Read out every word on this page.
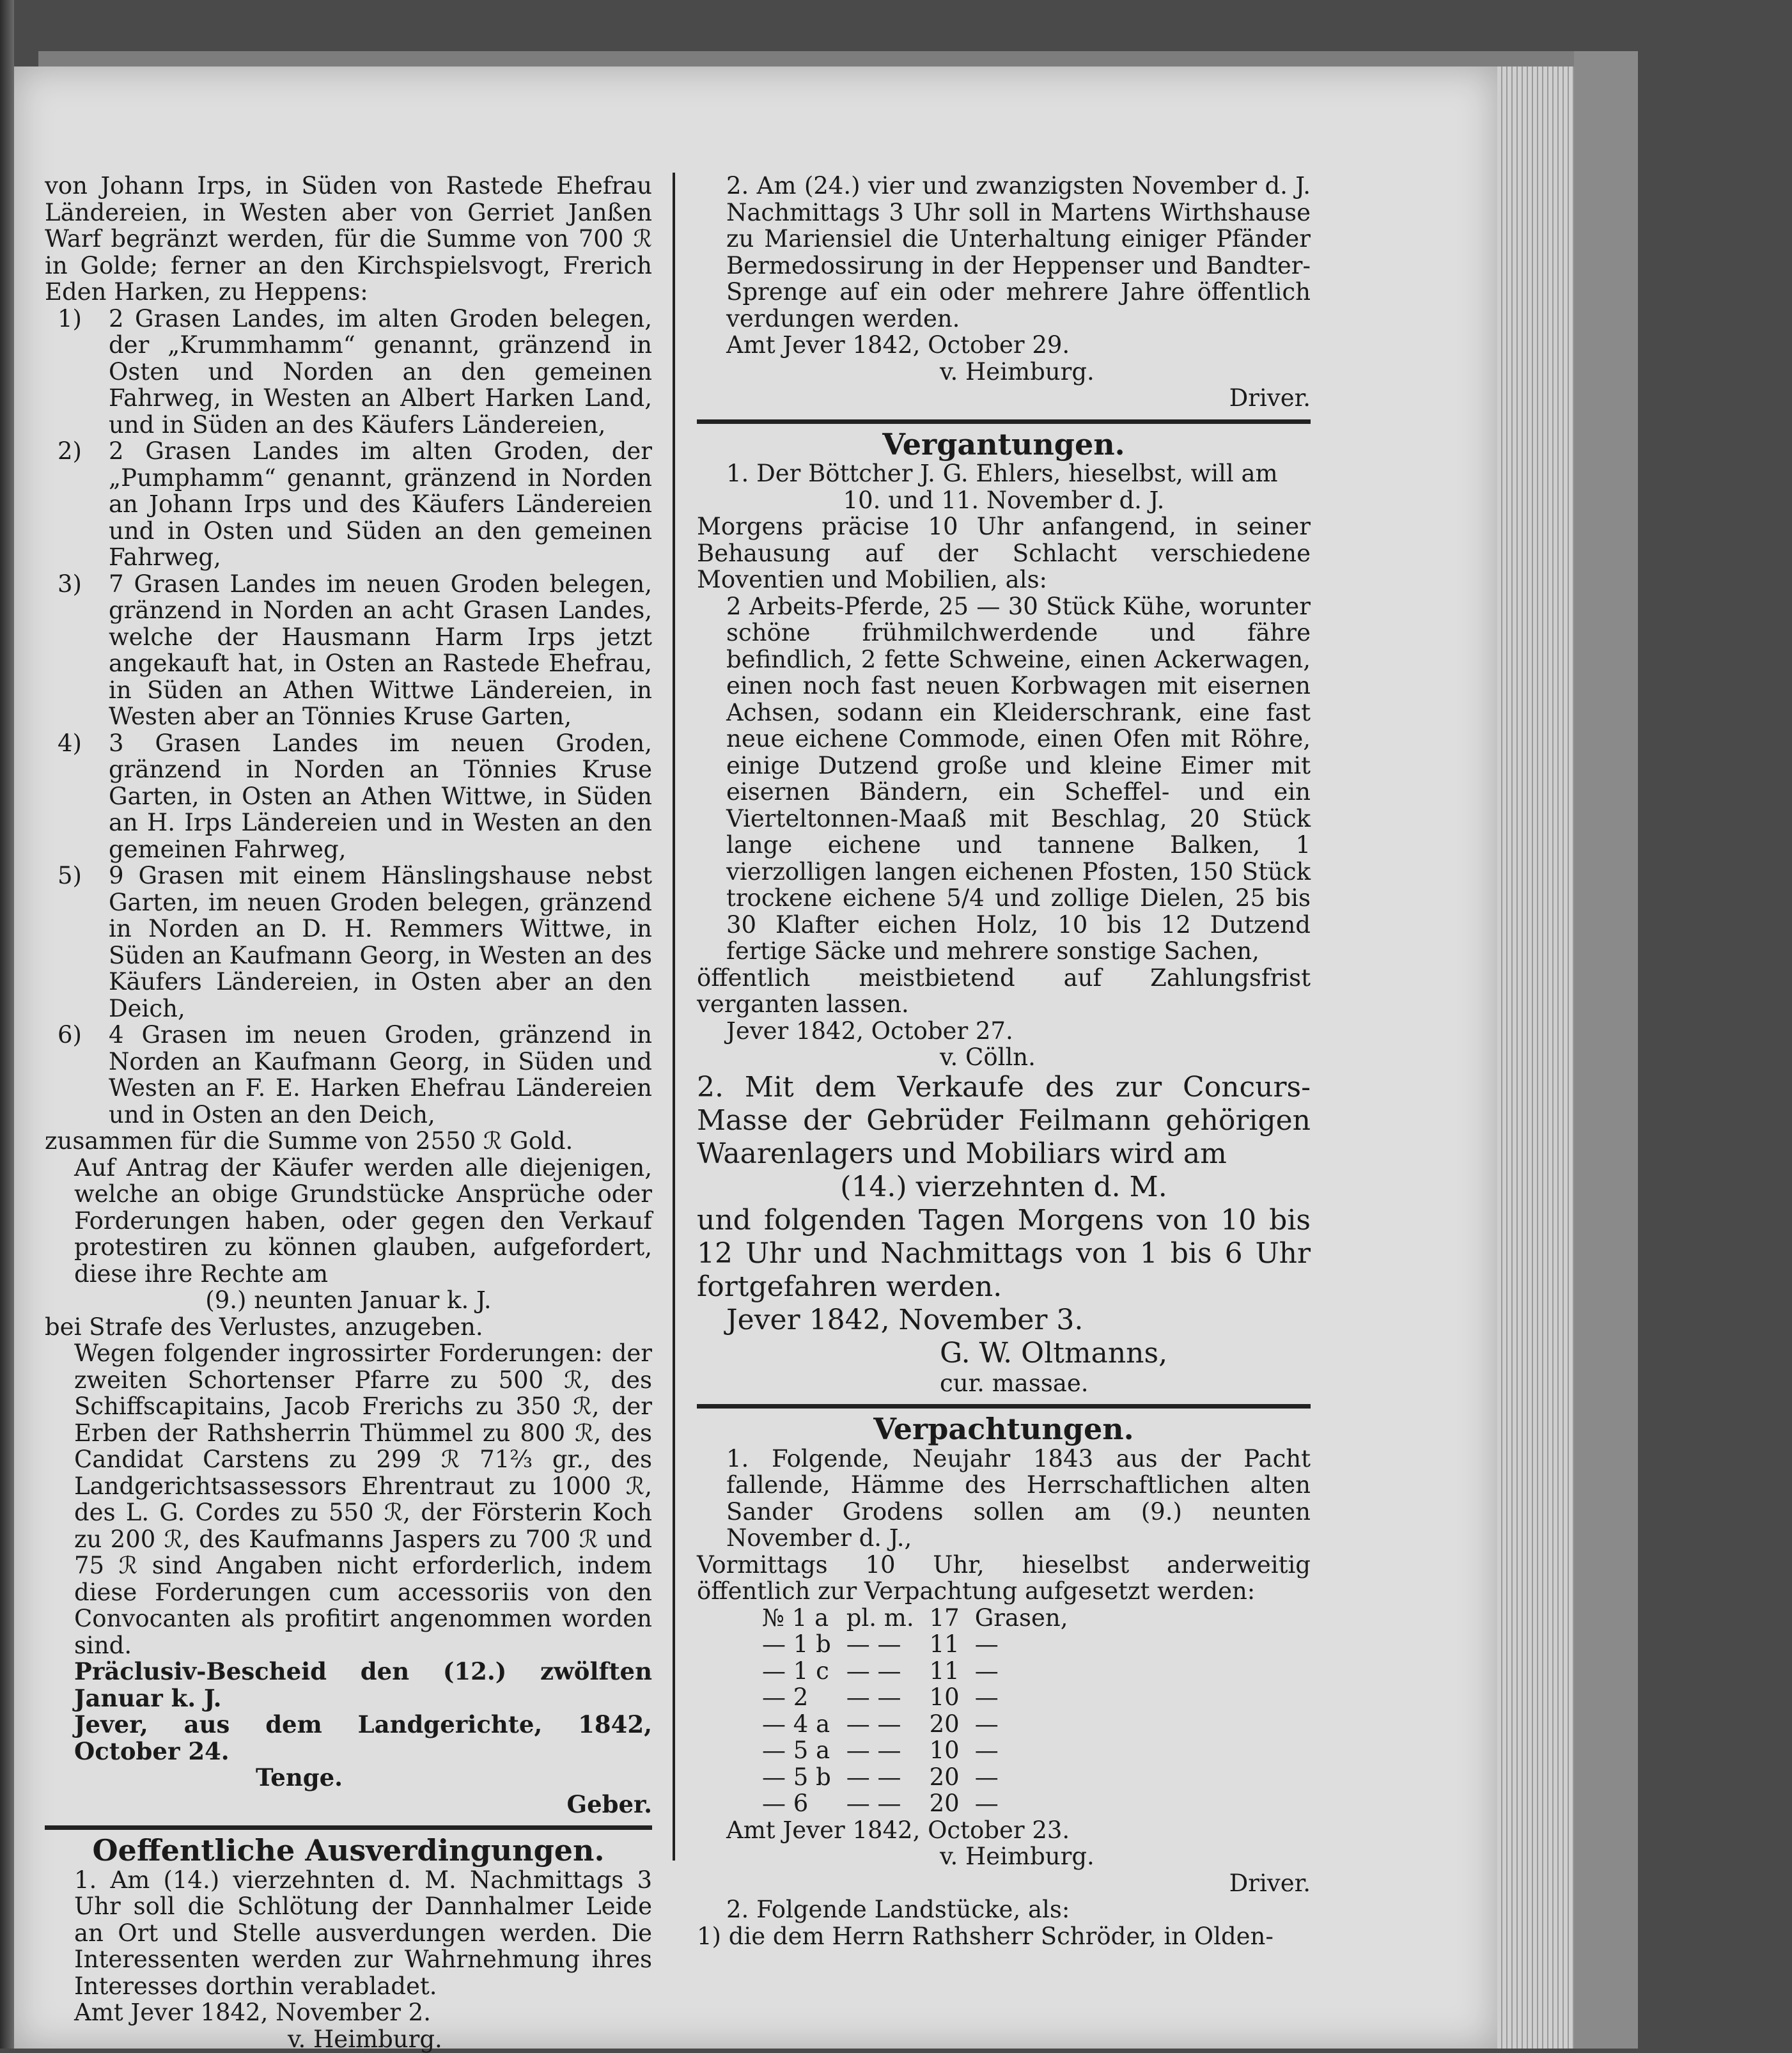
von Johann Irps, in Süden von Rastede Ehefrau Ländereien, in Westen aber von Gerriet Janßen Warf begränzt werden, für die Summe von 700 ℛ in Golde; ferner an den Kirchspielsvogt, Frerich Eden Harken, zu Heppens:

1)	2 Grasen Landes, im alten Groden belegen, der „Krummhamm“ genannt, gränzend in Osten und Norden an den gemeinen Fahrweg, in Westen an Albert Harken Land, und in Süden an des Käufers Ländereien,
2)	2 Grasen Landes im alten Groden, der „Pumphamm“ genannt, gränzend in Norden an Johann Irps und des Käufers Ländereien und in Osten und Süden an den gemeinen Fahrweg,
3)	7 Grasen Landes im neuen Groden belegen, gränzend in Norden an acht Grasen Landes, welche der Hausmann Harm Irps jetzt angekauft hat, in Osten an Rastede Ehefrau, in Süden an Athen Wittwe Ländereien, in Westen aber an Tönnies Kruse Garten,
4)	3 Grasen Landes im neuen Groden, gränzend in Norden an Tönnies Kruse Garten, in Osten an Athen Wittwe, in Süden an H. Irps Ländereien und in Westen an den gemeinen Fahrweg,
5)	9 Grasen mit einem Hänslingshause nebst Garten, im neuen Groden belegen, gränzend in Norden an D. H. Remmers Wittwe, in Süden an Kaufmann Georg, in Westen an des Käufers Ländereien, in Osten aber an den Deich,
6)	4 Grasen im neuen Groden, gränzend in Norden an Kaufmann Georg, in Süden und Westen an F. E. Harken Ehefrau Ländereien und in Osten an den Deich,

zusammen für die Summe von 2550 ℛ Gold.

Auf Antrag der Käufer werden alle diejenigen, welche an obige Grundstücke Ansprüche oder Forderungen haben, oder gegen den Verkauf protestiren zu können glauben, aufgefordert, diese ihre Rechte am

(9.) neunten Januar k. J.

bei Strafe des Verlustes, anzugeben.

Wegen folgender ingrossirter Forderungen: der zweiten Schortenser Pfarre zu 500 ℛ, des Schiffscapitains, Jacob Frerichs zu 350 ℛ, der Erben der Rathsherrin Thümmel zu 800 ℛ, des Candidat Carstens zu 299 ℛ 71⅔ gr., des Landgerichtsassessors Ehrentraut zu 1000 ℛ, des L. G. Cordes zu 550 ℛ, der Försterin Koch zu 200 ℛ, des Kaufmanns Jaspers zu 700 ℛ und 75 ℛ sind Angaben nicht erforderlich, indem diese Forderungen cum accessoriis von den Convocanten als profitirt angenommen worden sind.

Präclusiv-Bescheid den (12.) zwölften Januar k. J.

Jever, aus dem Landgerichte, 1842, October 24.

Tenge.

Geber.

Oeffentliche Ausverdingungen.

1. Am (14.) vierzehnten d. M. Nachmittags 3 Uhr soll die Schlötung der Dannhalmer Leide an Ort und Stelle ausverdungen werden. Die Interessenten werden zur Wahrnehmung ihres Interesses dorthin verabladet.

Amt Jever 1842, November 2.

v. Heimburg.

2. Am (24.) vier und zwanzigsten November d. J. Nachmittags 3 Uhr soll in Martens Wirthshause zu Mariensiel die Unterhaltung einiger Pfänder Bermedossirung in der Heppenser und Bandter-Sprenge auf ein oder mehrere Jahre öffentlich verdungen werden.

Amt Jever 1842, October 29.

v. Heimburg.

Driver.

Vergantungen.

1. Der Böttcher J. G. Ehlers, hieselbst, will am

10. und 11. November d. J.

Morgens präcise 10 Uhr anfangend, in seiner Behausung auf der Schlacht verschiedene Moventien und Mobilien, als:

2 Arbeits-Pferde, 25 — 30 Stück Kühe, worunter schöne frühmilchwerdende und fähre befindlich, 2 fette Schweine, einen Ackerwagen, einen noch fast neuen Korbwagen mit eisernen Achsen, sodann ein Kleiderschrank, eine fast neue eichene Commode, einen Ofen mit Röhre, einige Dutzend große und kleine Eimer mit eisernen Bändern, ein Scheffel- und ein Vierteltonnen-Maaß mit Beschlag, 20 Stück lange eichene und tannene Balken, 1 vierzolligen langen eichenen Pfosten, 150 Stück trockene eichene 5/4 und zollige Dielen, 25 bis 30 Klafter eichen Holz, 10 bis 12 Dutzend fertige Säcke und mehrere sonstige Sachen,

öffentlich meistbietend auf Zahlungsfrist verganten lassen.

Jever 1842, October 27.

v. Cölln.

2. Mit dem Verkaufe des zur Concurs-Masse der Gebrüder Feilmann gehörigen Waarenlagers und Mobiliars wird am

(14.) vierzehnten d. M.

und folgenden Tagen Morgens von 10 bis 12 Uhr und Nachmittags von 1 bis 6 Uhr fortgefahren werden.

Jever 1842, November 3.

G. W. Oltmanns,

cur. massae.

Verpachtungen.

1. Folgende, Neujahr 1843 aus der Pacht fallende, Hämme des Herrschaftlichen alten Sander Grodens sollen am (9.) neunten November d. J.,

Vormittags 10 Uhr, hieselbst anderweitig öffentlich zur Verpachtung aufgesetzt werden:

№ 1 a	pl. m.	17	Grasen,
— 1 b	— —	11	—
— 1 c	— —	11	—
— 2	— —	10	—
— 4 a	— —	20	—
— 5 a	— —	10	—
— 5 b	— —	20	—
— 6	— —	20	—

Amt Jever 1842, October 23.

v. Heimburg.

Driver.

2. Folgende Landstücke, als:

1) die dem Herrn Rathsherr Schröder, in Olden-
